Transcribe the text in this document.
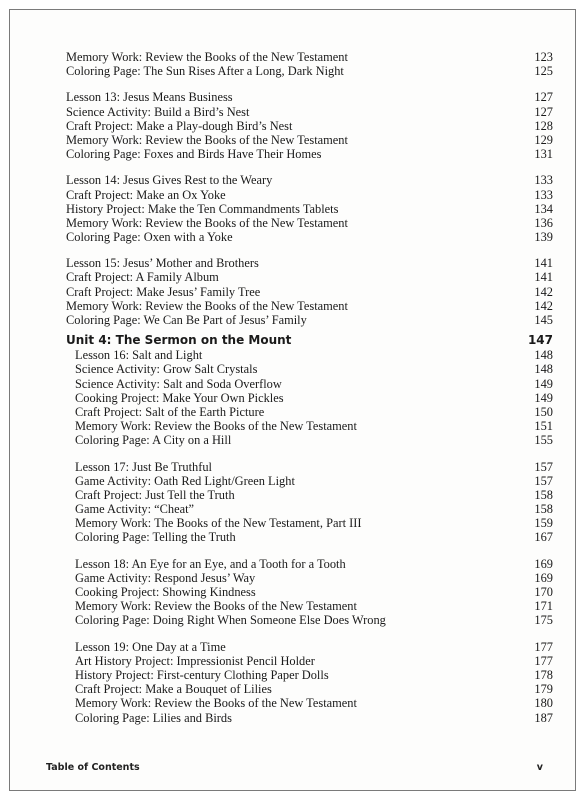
Memory Work: Review the Books of the New Testament	123
Coloring Page: The Sun Rises After a Long, Dark Night	125
Lesson 13: Jesus Means Business	127
Science Activity: Build a Bird’s Nest	127
Craft Project: Make a Play-dough Bird’s Nest	128
Memory Work: Review the Books of the New Testament	129
Coloring Page: Foxes and Birds Have Their Homes	131
Lesson 14: Jesus Gives Rest to the Weary	133
Craft Project: Make an Ox Yoke	133
History Project: Make the Ten Commandments Tablets	134
Memory Work: Review the Books of the New Testament	136
Coloring Page: Oxen with a Yoke	139
Lesson 15: Jesus’ Mother and Brothers	141
Craft Project: A Family Album	141
Craft Project: Make Jesus’ Family Tree	142
Memory Work: Review the Books of the New Testament	142
Coloring Page: We Can Be Part of Jesus’ Family	145
Unit 4: The Sermon on the Mount	147
Lesson 16: Salt and Light	148
Science Activity: Grow Salt Crystals	148
Science Activity: Salt and Soda Overflow	149
Cooking Project: Make Your Own Pickles	149
Craft Project: Salt of the Earth Picture	150
Memory Work: Review the Books of the New Testament	151
Coloring Page: A City on a Hill	155
Lesson 17: Just Be Truthful	157
Game Activity: Oath Red Light/Green Light	157
Craft Project: Just Tell the Truth	158
Game Activity: “Cheat”	158
Memory Work: The Books of the New Testament, Part III	159
Coloring Page: Telling the Truth	167
Lesson 18: An Eye for an Eye, and a Tooth for a Tooth	169
Game Activity: Respond Jesus’ Way	169
Cooking Project: Showing Kindness	170
Memory Work: Review the Books of the New Testament	171
Coloring Page: Doing Right When Someone Else Does Wrong	175
Lesson 19: One Day at a Time	177
Art History Project: Impressionist Pencil Holder	177
History Project: First-century Clothing Paper Dolls	178
Craft Project: Make a Bouquet of Lilies	179
Memory Work: Review the Books of the New Testament	180
Coloring Page: Lilies and Birds	187
Table of Contents	v
